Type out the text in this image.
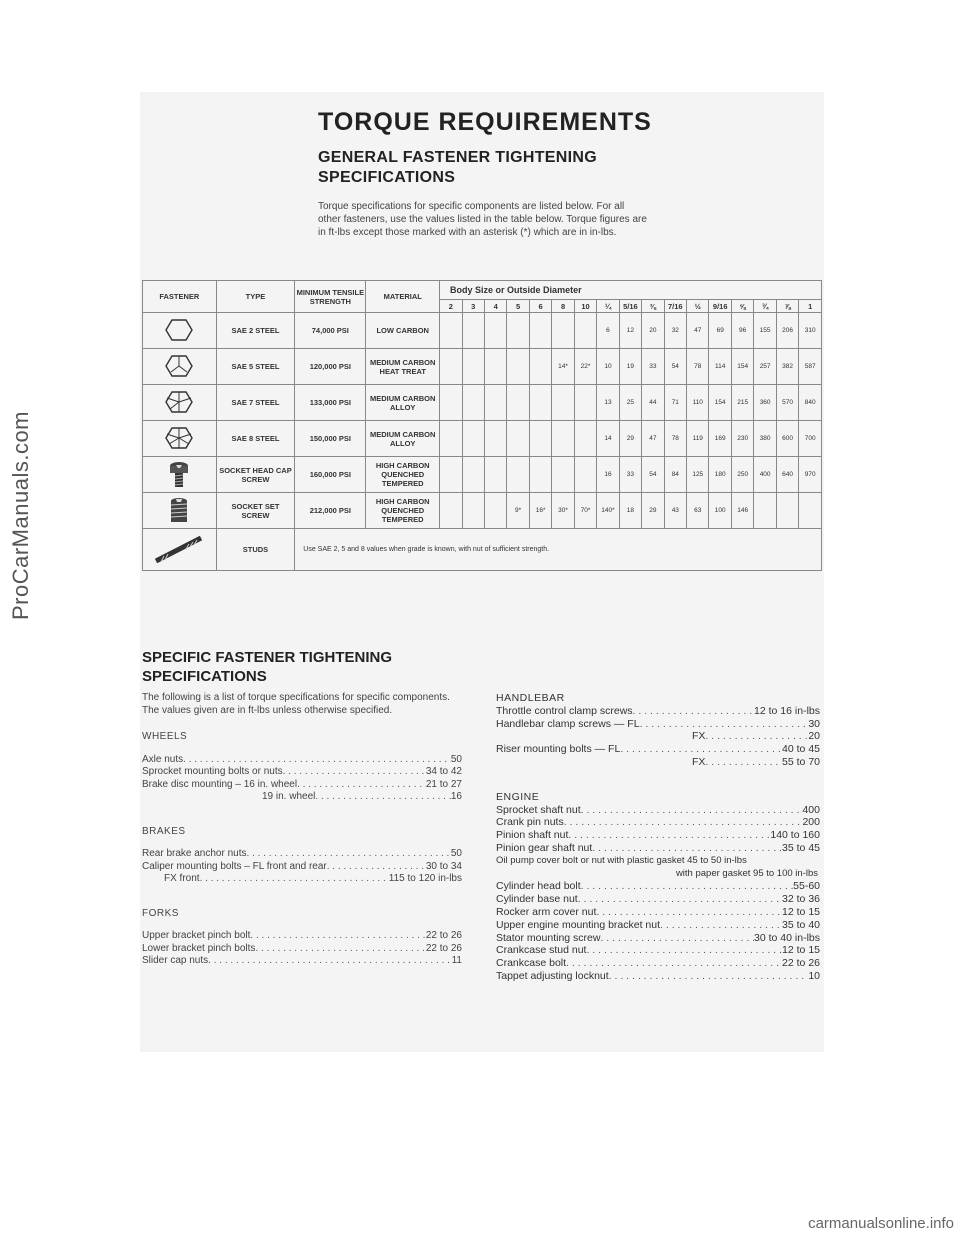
ProCarManuals.com
carmanualsonline.info
TORQUE REQUIREMENTS
GENERAL FASTENER TIGHTENING
SPECIFICATIONS
Torque specifications for specific components are listed below. For all other fasteners, use the values listed in the table below. Torque figures are in ft-lbs except those marked with an asterisk (*) which are in in-lbs.
FASTENER	TYPE	MINIMUM TENSILE STRENGTH	MATERIAL	Body Size or Outside Diameter																
				2	3	4	5	6	8	10	¼	5/16	⅜	7/16	½	9/16	⅝	¾	⅞	1
	SAE 2 STEEL	74,000 PSI	LOW CARBON								6	12	20	32	47	69	96	155	206	310
	SAE 5 STEEL	120,000 PSI	MEDIUM CARBON HEAT TREAT						14*	22*	10	19	33	54	78	114	154	257	382	587
	SAE 7 STEEL	133,000 PSI	MEDIUM CARBON ALLOY								13	25	44	71	110	154	215	360	570	840
	SAE 8 STEEL	150,000 PSI	MEDIUM CARBON ALLOY								14	29	47	78	119	169	230	380	600	700
	SOCKET HEAD CAP SCREW	160,000 PSI	HIGH CARBON QUENCHED TEMPERED								16	33	54	84	125	180	250	400	640	970
	SOCKET SET SCREW	212,000 PSI	HIGH CARBON QUENCHED TEMPERED				9*	16*	30*	70*	140*	18	29	43	63	100	146			
	STUDS	Use SAE 2, 5 and 8 values when grade is known, with nut of sufficient strength.																		
SPECIFIC FASTENER TIGHTENING
SPECIFICATIONS

The following is a list of torque specifications for specific components. The values given are in ft-lbs unless otherwise specified.

WHEELS

Axle nuts . . .	50
Sprocket mounting bolts or nuts . . .	34 to 42
Brake disc mounting – 16 in. wheel . . .	21 to 27
19 in. wheel . . .	16

BRAKES

Rear brake anchor nuts . . .	50
Caliper mounting bolts – FL front and rear . . .	30 to 34
FX front . . .	115 to 120 in-lbs

FORKS

Upper bracket pinch bolt . . .	22 to 26
Lower bracket pinch bolts . . .	22 to 26
Slider cap nuts . . .	11

HANDLEBAR

Throttle control clamp screws . . .	12 to 16 in-lbs
Handlebar clamp screws — FL . . .	30
FX . . .	20
Riser mounting bolts — FL . . .	40 to 45
FX . . .	55 to 70

ENGINE

Sprocket shaft nut . . .	400
Crank pin nuts . . .	200
Pinion shaft nut . . .	140 to 160
Pinion gear shaft nut . . .	35 to 45

Oil pump cover bolt or nut with plastic gasket 45 to 50 in-lbs

with paper gasket 95 to 100 in-lbs

Cylinder head bolt . . .	55-60
Cylinder base nut . . .	32 to 36
Rocker arm cover nut . . .	12 to 15
Upper engine mounting bracket nut . . .	35 to 40
Stator mounting screw . . .	30 to 40 in-lbs
Crankcase stud nut . . .	12 to 15
Crankcase bolt . . .	22 to 26
Tappet adjusting locknut . . .	10
